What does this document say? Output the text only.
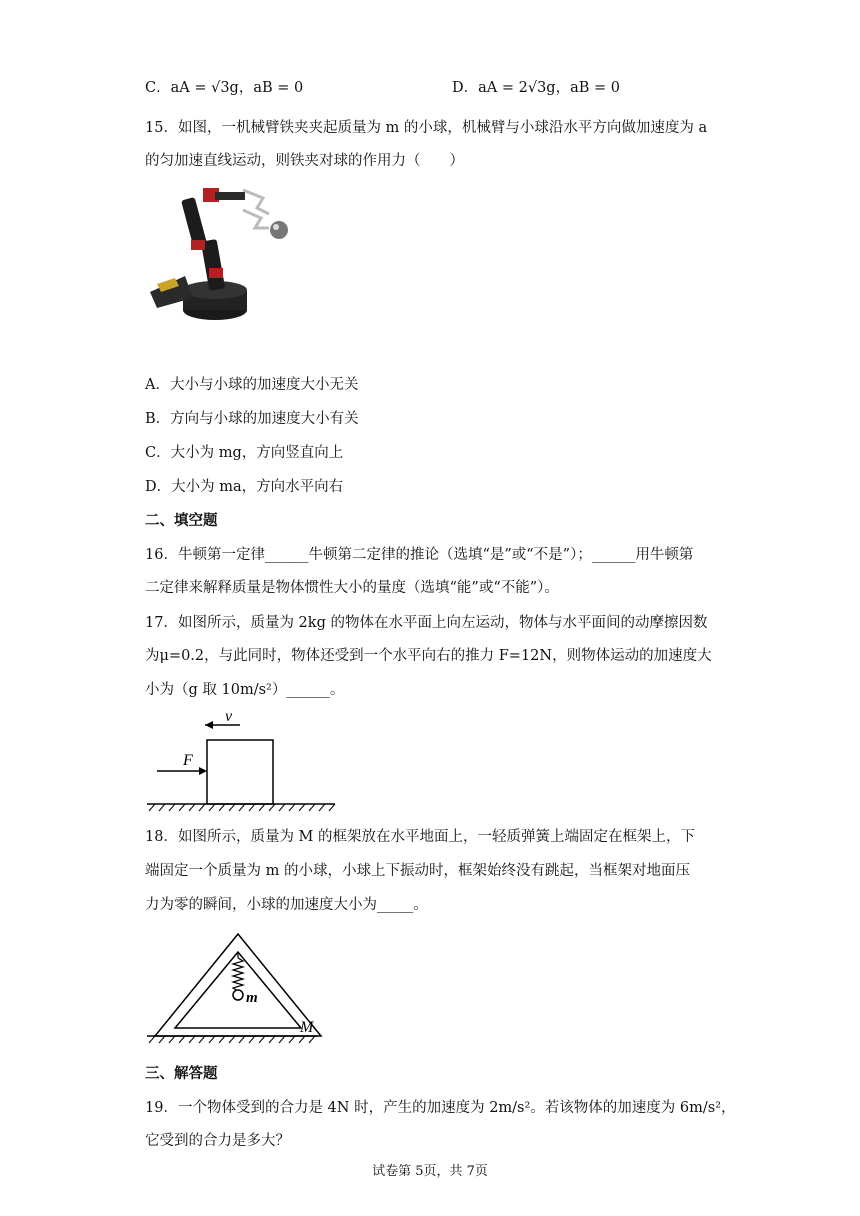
C．aA = √3g，aB = 0	D．aA = 2√3g，aB = 0
15．如图，一机械臂铁夹夹起质量为 m 的小球，机械臂与小球沿水平方向做加速度为 a
的匀加速直线运动，则铁夹对球的作用力（　　）
A．大小与小球的加速度大小无关
B．方向与小球的加速度大小有关
C．大小为 mg，方向竖直向上
D．大小为 ma，方向水平向右
二、填空题
16．牛顿第一定律______牛顿第二定律的推论（选填“是”或“不是”）；______用牛顿第
二定律来解释质量是物体惯性大小的量度（选填“能”或“不能”）。
17．如图所示，质量为 2kg 的物体在水平面上向左运动，物体与水平面间的动摩擦因数
为μ=0.2，与此同时，物体还受到一个水平向右的推力 F=12N，则物体运动的加速度大
小为（g 取 10m/s²）______。
v
F
18．如图所示，质量为 M 的框架放在水平地面上，一轻质弹簧上端固定在框架上，下
端固定一个质量为 m 的小球，小球上下振动时，框架始终没有跳起，当框架对地面压
力为零的瞬间，小球的加速度大小为_____。
m
M
三、解答题
19．一个物体受到的合力是 4N 时，产生的加速度为 2m/s²。若该物体的加速度为 6m/s²，
它受到的合力是多大？
试卷第 5页，共 7页
